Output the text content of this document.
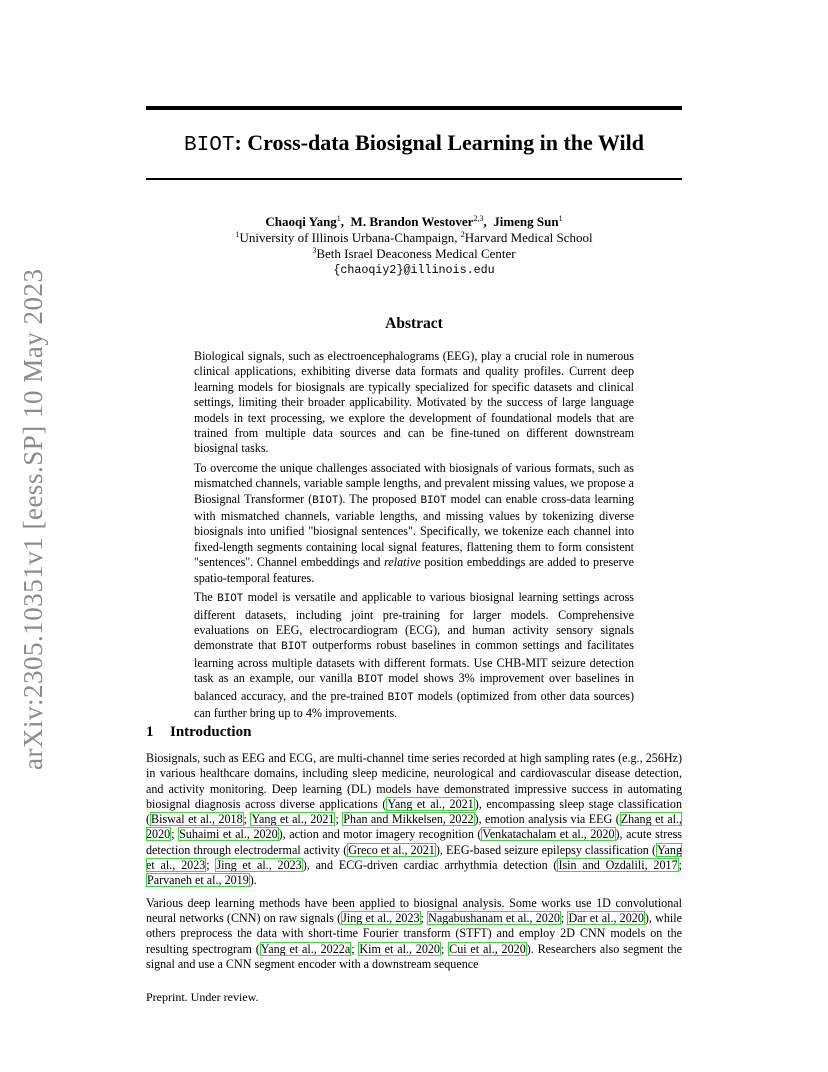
arXiv:2305.10351v1 [eess.SP] 10 May 2023
BIOT: Cross-data Biosignal Learning in the Wild
Chaoqi Yang$^1$,  M. Brandon Westover$^{2,3}$,  Jimeng Sun$^1$
$^1$University of Illinois Urbana-Champaign, $^2$Harvard Medical School
$^3$Beth Israel Deaconess Medical Center
{chaoqiy2}@illinois.edu
Abstract

Biological signals, such as electroencephalograms (EEG), play a crucial role in numerous clinical applications, exhibiting diverse data formats and quality profiles. Current deep learning models for biosignals are typically specialized for specific datasets and clinical settings, limiting their broader applicability. Motivated by the success of large language models in text processing, we explore the development of foundational models that are trained from multiple data sources and can be fine-tuned on different downstream biosignal tasks.

To overcome the unique challenges associated with biosignals of various formats, such as mismatched channels, variable sample lengths, and prevalent missing values, we propose a Biosignal Transformer (BIOT). The proposed BIOT model can enable cross-data learning with mismatched channels, variable lengths, and missing values by tokenizing diverse biosignals into unified "biosignal sentences". Specifically, we tokenize each channel into fixed-length segments containing local signal features, flattening them to form consistent "sentences". Channel embeddings and relative position embeddings are added to preserve spatio-temporal features.

The BIOT model is versatile and applicable to various biosignal learning settings across different datasets, including joint pre-training for larger models. Comprehensive evaluations on EEG, electrocardiogram (ECG), and human activity sensory signals demonstrate that BIOT outperforms robust baselines in common settings and facilitates learning across multiple datasets with different formats. Use CHB-MIT seizure detection task as an example, our vanilla BIOT model shows 3% improvement over baselines in balanced accuracy, and the pre-trained BIOT models (optimized from other data sources) can further bring up to 4% improvements.

1 Introduction

Biosignals, such as EEG and ECG, are multi-channel time series recorded at high sampling rates (e.g., 256Hz) in various healthcare domains, including sleep medicine, neurological and cardiovascular disease detection, and activity monitoring. Deep learning (DL) models have demonstrated impressive success in automating biosignal diagnosis across diverse applications (Yang et al., 2021), encompassing sleep stage classification (Biswal et al., 2018; Yang et al., 2021; Phan and Mikkelsen, 2022), emotion analysis via EEG (Zhang et al., 2020; Suhaimi et al., 2020), action and motor imagery recognition (Venkatachalam et al., 2020), acute stress detection through electrodermal activity (Greco et al., 2021), EEG-based seizure epilepsy classification (Yang et al., 2023; Jing et al., 2023), and ECG-driven cardiac arrhythmia detection (Isin and Ozdalili, 2017; Parvaneh et al., 2019).

Various deep learning methods have been applied to biosignal analysis. Some works use 1D convolutional neural networks (CNN) on raw signals (Jing et al., 2023; Nagabushanam et al., 2020; Dar et al., 2020), while others preprocess the data with short-time Fourier transform (STFT) and employ 2D CNN models on the resulting spectrogram (Yang et al., 2022a; Kim et al., 2020; Cui et al., 2020). Researchers also segment the signal and use a CNN segment encoder with a downstream sequence

Preprint. Under review.
